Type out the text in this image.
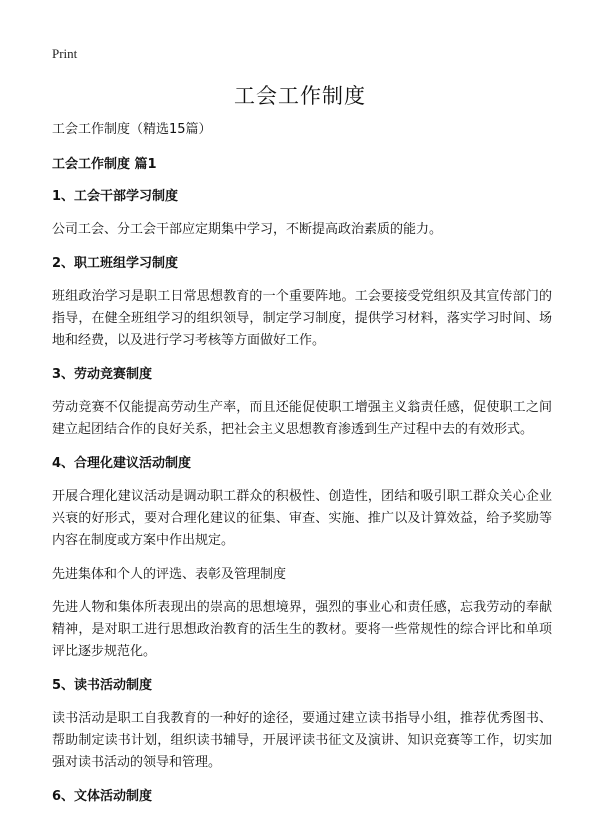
Print
工会工作制度
工会工作制度（精选15篇）
工会工作制度 篇1
1、工会干部学习制度
公司工会、分工会干部应定期集中学习，不断提高政治素质的能力。
2、职工班组学习制度
班组政治学习是职工日常思想教育的一个重要阵地。工会要接受党组织及其宣传部门的指导，在健全班组学习的组织领导，制定学习制度，提供学习材料，落实学习时间、场地和经费，以及进行学习考核等方面做好工作。
3、劳动竞赛制度
劳动竞赛不仅能提高劳动生产率，而且还能促使职工增强主义翁责任感，促使职工之间建立起团结合作的良好关系，把社会主义思想教育渗透到生产过程中去的有效形式。
4、合理化建议活动制度
开展合理化建议活动是调动职工群众的积极性、创造性，团结和吸引职工群众关心企业兴衰的好形式，要对合理化建议的征集、审查、实施、推广以及计算效益，给予奖励等内容在制度或方案中作出规定。
先进集体和个人的评选、表彰及管理制度
先进人物和集体所表现出的崇高的思想境界，强烈的事业心和责任感，忘我劳动的奉献精神，是对职工进行思想政治教育的活生生的教材。要将一些常规性的综合评比和单项评比逐步规范化。
5、读书活动制度
读书活动是职工自我教育的一种好的途径，要通过建立读书指导小组，推荐优秀图书、帮助制定读书计划，组织读书辅导，开展评读书征文及演讲、知识竞赛等工作，切实加强对读书活动的领导和管理。
6、文体活动制度
